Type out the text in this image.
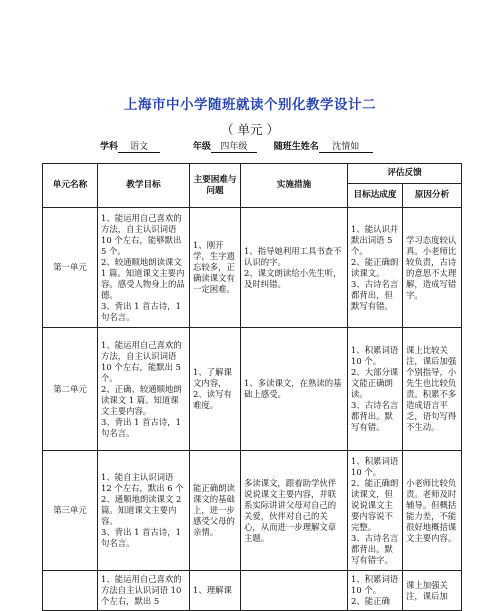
上海市中小学随班就读个别化教学设计二
（ 单元 ）
学科 语文	年级 四年级	随班生姓名 沈情如
单元名称	教学目标	主要困难与问题	实施措施	评估反馈	
				目标达成度	原因分析
第一单元	1、能运用自己喜欢的方法，自主认识词语 10 个左右，能够默出 5 个。
2、较通顺地朗读课文 1 篇。知道课文主要内容。感受人物身上的品德。
3、背出 1 首古诗，1 句名言。	1、刚开学，生字遗忘较多，正确读课文有一定困难。	1、指导她利用工具书查不认识的字。
2、课文朗读给小先生听，及时纠错。	1、能认识并默出词语 5 个。
2、能正确朗读课文。
3、古诗名言都背出，但默写有错。	学习态度较认真。小老师比较负责，古诗的意思不太理解，造成写错字。
第二单元	1、能运用自己喜欢的方法，自主认识词语 10 个左右，能默出 5 个。
2、正确、较通顺地朗读课文 1 篇。知道课文主要内容。
3、背出 1 首古诗，1 句名言。	1、了解课文内容，
2、读写有难度。	1、多读课文，在熟读的基础上感受。	1、积累词语 10 个。
2、大部分课文能正确朗读。
3、古诗名言都背出。默写有错。	课上比较关注，课后加强个别指导，小先生也比较负责。积累不多造成语言平乏，语句写得不生动。
第三单元	1、能自主认识词语 12 个左右，默出 6 个
2、通顺地朗读课文 2 篇。知道课文主要内容。
3、背出 1 首古诗，1 句名言。	能正确朗读课文的基础上，进一步感受父母的亲情。	多读课文，跟着助学伙伴说说课文主要内容，并联系实际讲讲父母对自己的关爱，伙伴对自己的关心，从而进一步理解文章主题。	1、积累词语 10 个。
2、能正确朗读课文，但说说课文主要内容说不完整。
3、古诗名言都背出。默写有错字。	小老师比较负责。老师及时辅导。但概括能力差，不能很好地概括课文主要内容。
	1、能运用自己喜欢的方法自主认识词语 10 个左右，默出 5	1、理解课		1、积累词语 10 个。
2、能正确	课上加强关注，课后加
